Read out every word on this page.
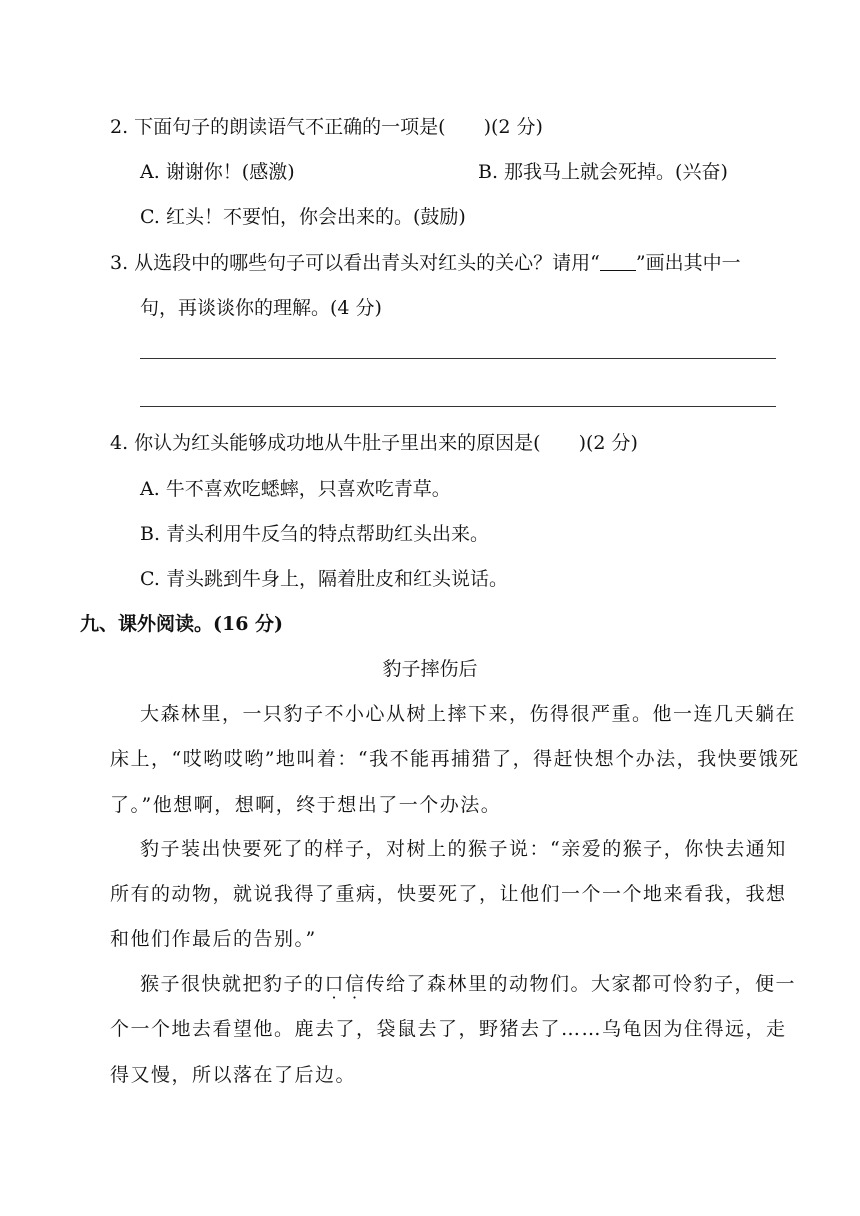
2. 下面句子的朗读语气不正确的一项是(　　)(2 分)
A. 谢谢你！(感激)	B. 那我马上就会死掉。(兴奋)
C. 红头！不要怕，你会出来的。(鼓励)
3. 从选段中的哪些句子可以看出青头对红头的关心？请用“ ”画出其中一
句，再谈谈你的理解。(4 分)
4. 你认为红头能够成功地从牛肚子里出来的原因是(　　)(2 分)
A. 牛不喜欢吃蟋蟀，只喜欢吃青草。
B. 青头利用牛反刍的特点帮助红头出来。
C. 青头跳到牛身上，隔着肚皮和红头说话。
九、课外阅读。(16 分)
豹子摔伤后
大森林里，一只豹子不小心从树上摔下来，伤得很严重。他一连几天躺在
床上，“哎哟哎哟”地叫着：“我不能再捕猎了，得赶快想个办法，我快要饿死
了。”他想啊，想啊，终于想出了一个办法。
豹子装出快要死了的样子，对树上的猴子说：“亲爱的猴子，你快去通知
所有的动物，就说我得了重病，快要死了，让他们一个一个地来看我，我想
和他们作最后的告别。”
猴子很快就把豹子的口信传给了森林里的动物们。大家都可怜豹子，便一
个一个地去看望他。鹿去了，袋鼠去了，野猪去了……乌龟因为住得远，走
得又慢，所以落在了后边。
